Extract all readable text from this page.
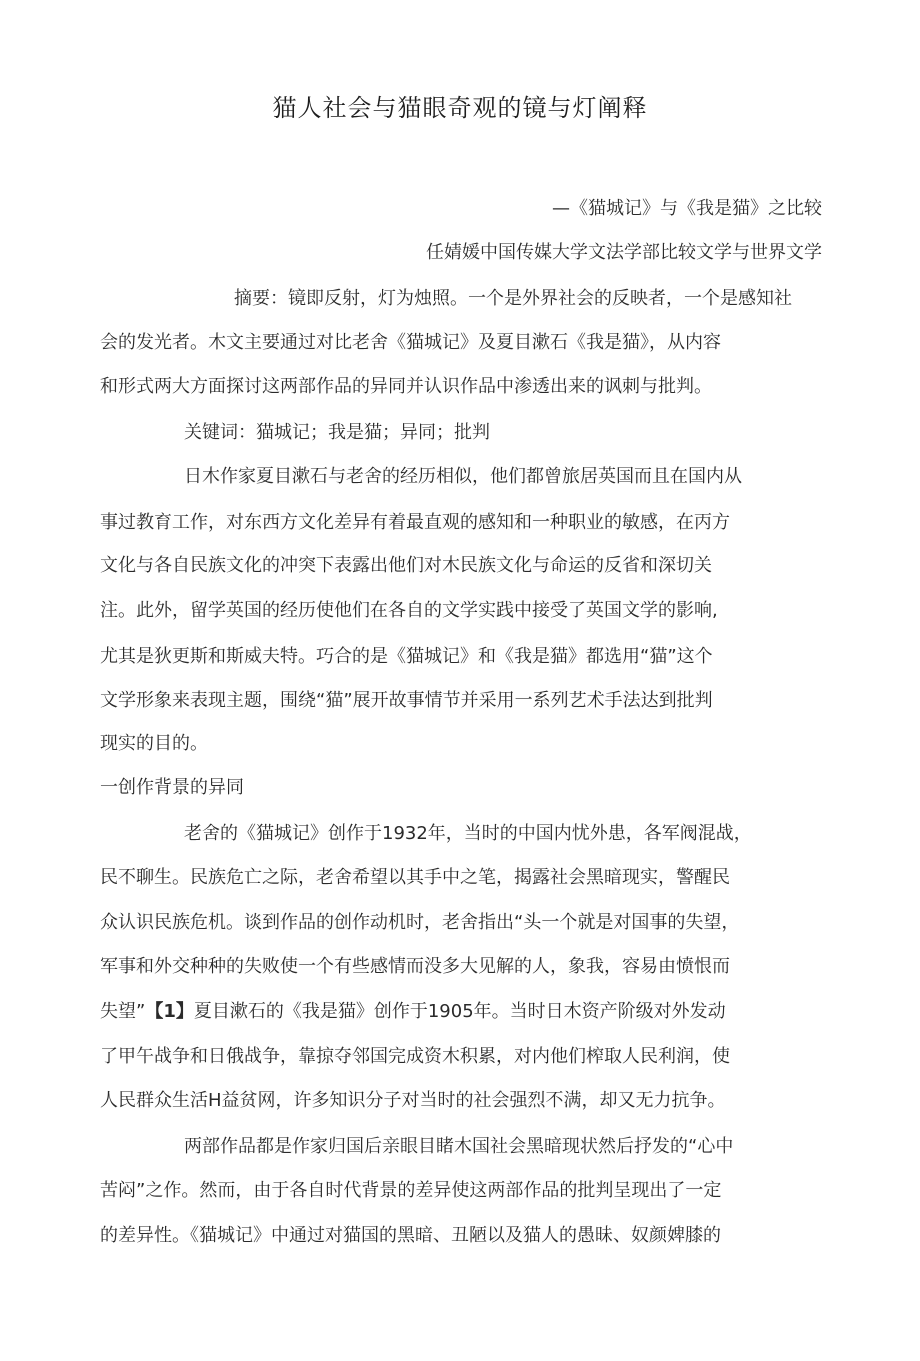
猫人社会与猫眼奇观的镜与灯阐释
—《猫城记》与《我是猫》之比较
任婧媛中国传媒大学文法学部比较文学与世界文学
摘要：镜即反射，灯为烛照。一个是外界社会的反映者，一个是感知社
会的发光者。木文主要通过对比老舍《猫城记》及夏目漱石《我是猫》，从内容
和形式两大方面探讨这两部作品的异同并认识作品中渗透出来的讽刺与批判。
关键词：猫城记；我是猫；异同；批判
日木作家夏目漱石与老舍的经历相似，他们都曾旅居英国而且在国内从
事过教育工作，对东西方文化差异有着最直观的感知和一种职业的敏感，在丙方
文化与各自民族文化的冲突下表露出他们对木民族文化与命运的反省和深切关
注。此外，留学英国的经历使他们在各自的文学实践中接受了英国文学的影响,
尤其是狄更斯和斯威夫特。巧合的是《猫城记》和《我是猫》都选用“猫”这个
文学形象来表现主题，围绕“猫”展开故事情节并采用一系列艺术手法达到批判
现实的目的。
一创作背景的异同
老舍的《猫城记》创作于1932年，当时的中国内忧外患，各军阀混战，
民不聊生。民族危亡之际，老舍希望以其手中之笔，揭露社会黑暗现实，警醒民
众认识民族危机。谈到作品的创作动机时，老舍指出“头一个就是对国事的失望，
军事和外交种种的失败使一个有些感情而没多大见解的人，象我，容易由愤恨而
失望”【1】夏目漱石的《我是猫》创作于1905年。当时日木资产阶级对外发动
了甲午战争和日俄战争，靠掠夺邻国完成资木积累，对内他们榨取人民利润，使
人民群众生活H益贫网，许多知识分子对当时的社会强烈不满，却又无力抗争。
两部作品都是作家归国后亲眼目睹木国社会黑暗现状然后抒发的“心中
苦闷”之作。然而，由于各自时代背景的差异使这两部作品的批判呈现出了一定
的差异性。《猫城记》中通过对猫国的黑暗、丑陋以及猫人的愚昧、奴颜婢膝的
